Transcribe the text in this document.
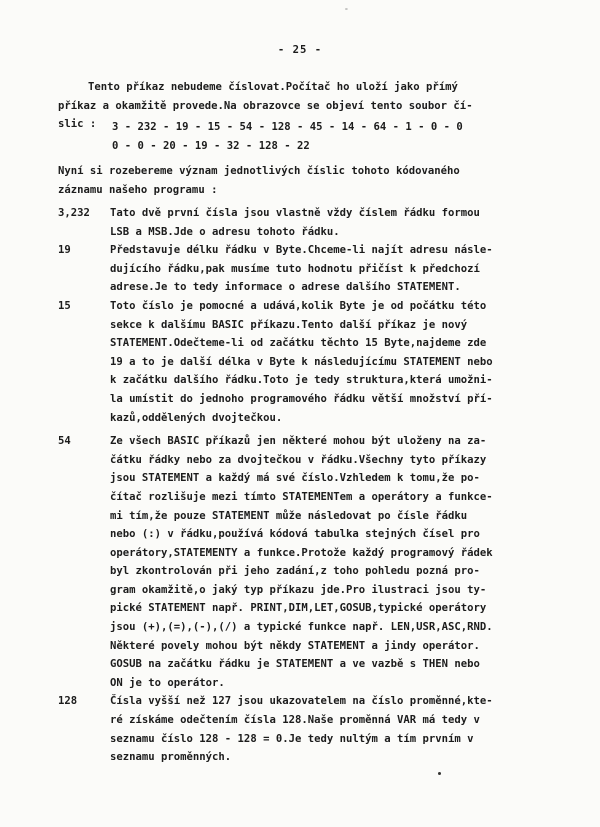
˚
- 25 -
Tento příkaz nebudeme číslovat.Počítač ho uloží jako přímý
příkaz a okamžitě provede.Na obrazovce se objeví tento soubor čí-
slic :	3 - 232 - 19 - 15 - 54 - 128 - 45 - 14 - 64 - 1 - 0 - 0
0 - 0 - 20 - 19 - 32 - 128 - 22
Nyní si rozebereme význam jednotlivých číslic tohoto kódovaného
záznamu našeho programu :
3,232 Tato dvě první čísla jsou vlastně vždy číslem řádku formou
LSB a MSB.Jde o adresu tohoto řádku.
19	Představuje délku řádku v Byte.Chceme-li najít adresu násle-
dujícího řádku,pak musíme tuto hodnotu přičíst k předchozí
adrese.Je to tedy informace o adrese dalšího STATEMENT.
15	Toto číslo je pomocné a udává,kolik Byte je od počátku této
sekce k dalšímu BASIC příkazu.Tento další příkaz je nový
STATEMENT.Odečteme-li od začátku těchto 15 Byte,najdeme zde
19 a to je další délka v Byte k následujícímu STATEMENT nebo
k začátku dalšího řádku.Toto je tedy struktura,která umožni-
la umístit do jednoho programového řádku větší množství pří-
kazů,oddělených dvojtečkou.
54	Ze všech BASIC příkazů jen některé mohou být uloženy na za-
čátku řádky nebo za dvojtečkou v řádku.Všechny tyto příkazy
jsou STATEMENT a každý má své číslo.Vzhledem k tomu,že po-
čítač rozlišuje mezi tímto STATEMENTem a operátory a funkce-
mi tím,že pouze STATEMENT může následovat po čísle řádku
nebo (:) v řádku,používá kódová tabulka stejných čísel pro
operátory,STATEMENTY a funkce.Protože každý programový řádek
byl zkontrolován při jeho zadání,z toho pohledu pozná pro-
gram okamžitě,o jaký typ příkazu jde.Pro ilustraci jsou ty-
pické STATEMENT např. PRINT,DIM,LET,GOSUB,typické operátory
jsou (+),(=),(-),(/) a typické funkce např. LEN,USR,ASC,RND.
Některé povely mohou být někdy STATEMENT a jindy operátor.
GOSUB na začátku řádku je STATEMENT a ve vazbě s THEN nebo
ON je to operátor.
128	Čísla vyšší než 127 jsou ukazovatelem na číslo proměnné,kte-
ré získáme odečtením čísla 128.Naše proměnná VAR má tedy v
seznamu číslo 128 - 128 = 0.Je tedy nultým a tím prvním v
seznamu proměnných.
